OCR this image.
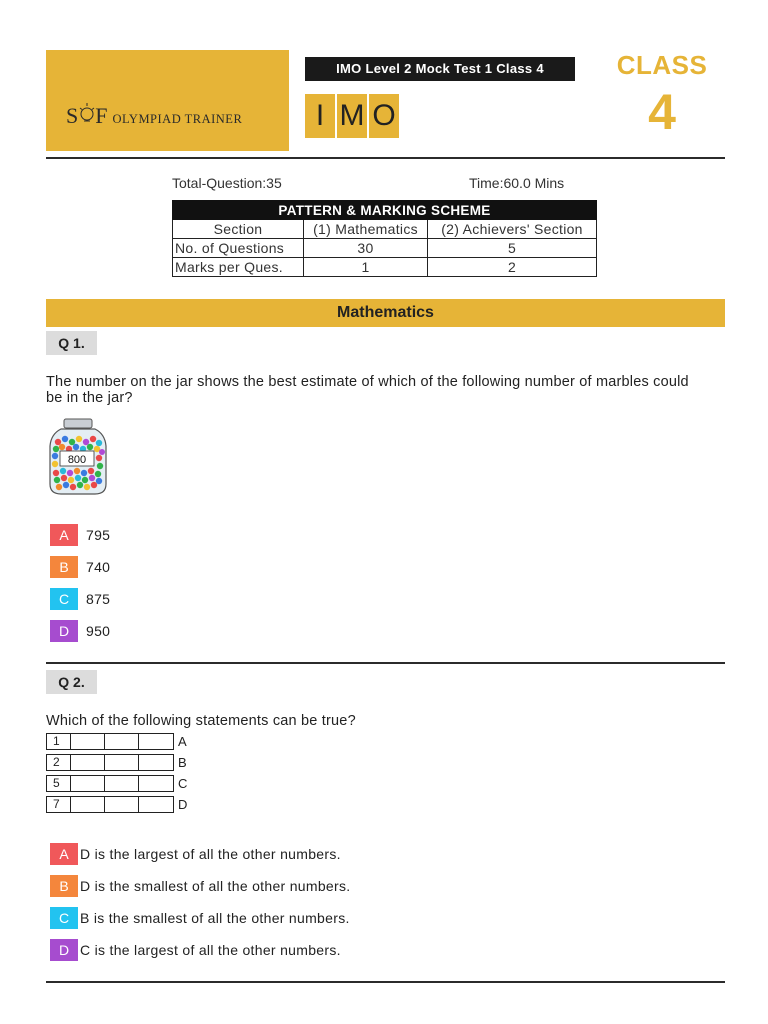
S F OLYMPIAD TRAINER
IMO Level 2 Mock Test 1 Class 4
I M O
CLASS
4
Total-Question:35	Time:60.0 Mins
PATTERN & MARKING SCHEME		
Section	(1) Mathematics	(2) Achievers' Section
No. of Questions	30	5
Marks per Ques.	1	2
Mathematics
Q 1.
The number on the jar shows the best estimate of which of the following number of marbles could be in the jar?
800
A	795
B	740
C	875
D	950
Q 2.
Which of the following statements can be true?
1	A
2	B
5	C
7	D
A D is the largest of all the other numbers.
B D is the smallest of all the other numbers.
C B is the smallest of all the other numbers.
D C is the largest of all the other numbers.
